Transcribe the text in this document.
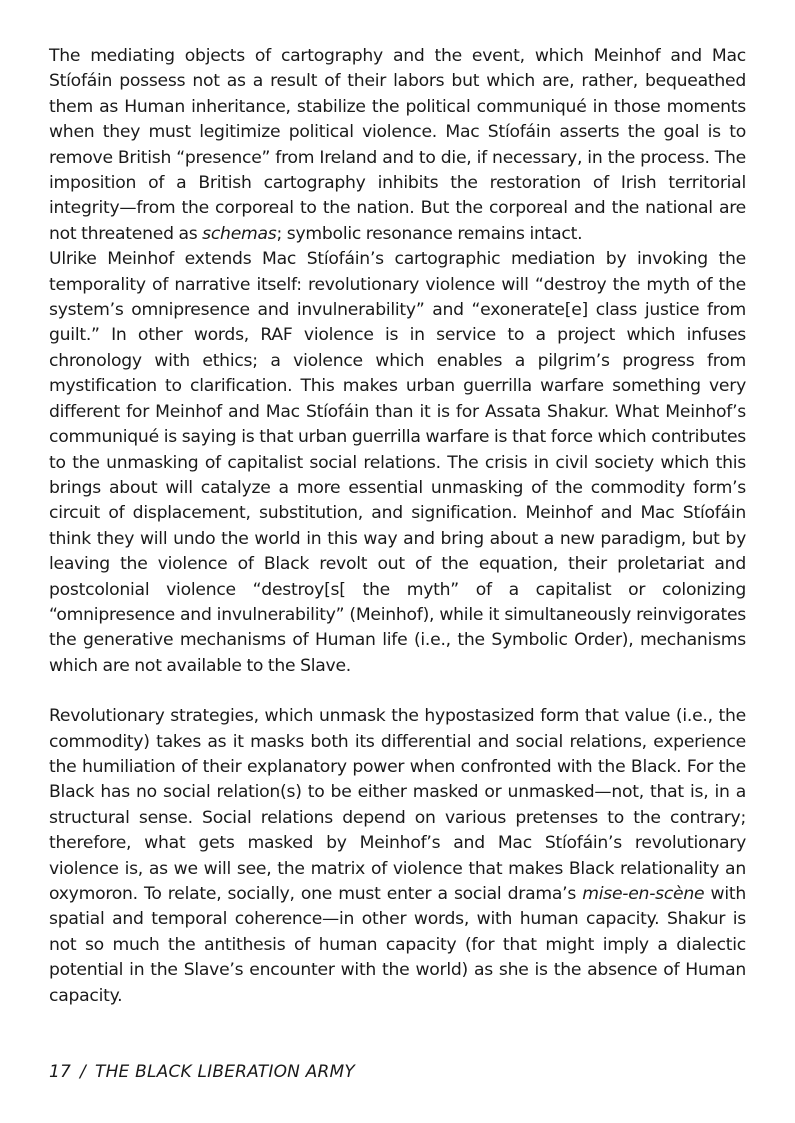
The mediating objects of cartography and the event, which Meinhof and Mac Stíofáin possess not as a result of their labors but which are, rather, bequeathed them as Human inheritance, stabilize the political communiqué in those moments when they must legitimize political violence. Mac Stíofáin asserts the goal is to remove British “presence” from Ireland and to die, if necessary, in the process. The imposition of a British cartography inhibits the restoration of Irish territorial integrity—from the corporeal to the nation. But the corporeal and the national are not threatened as schemas; symbolic resonance remains intact.

Ulrike Meinhof extends Mac Stíofáin’s cartographic mediation by invoking the temporality of narrative itself: revolutionary violence will “destroy the myth of the system’s omnipresence and invulnerability” and “exonerate[e] class justice from guilt.” In other words, RAF violence is in service to a project which infuses chronology with ethics; a violence which enables a pilgrim’s progress from mystification to clarification. This makes urban guerrilla warfare something very different for Meinhof and Mac Stíofáin than it is for Assata Shakur. What Meinhof’s communiqué is saying is that urban guerrilla warfare is that force which contributes to the unmasking of capitalist social relations. The crisis in civil society which this brings about will catalyze a more essential unmasking of the commodity form’s circuit of displacement, substitution, and signification. Meinhof and Mac Stíofáin think they will undo the world in this way and bring about a new paradigm, but by leaving the violence of Black revolt out of the equation, their proletariat and postcolonial violence “destroy[s[ the myth” of a capitalist or colonizing “omnipresence and invulnerability” (Meinhof), while it simultaneously reinvigorates the generative mechanisms of Human life (i.e., the Symbolic Order), mechanisms which are not available to the Slave.

Revolutionary strategies, which unmask the hypostasized form that value (i.e., the commodity) takes as it masks both its differential and social relations, experience the humiliation of their explanatory power when confronted with the Black. For the Black has no social relation(s) to be either masked or unmasked—not, that is, in a structural sense. Social relations depend on various pretenses to the contrary; therefore, what gets masked by Meinhof’s and Mac Stíofáin’s revolutionary violence is, as we will see, the matrix of violence that makes Black relationality an oxymoron. To relate, socially, one must enter a social drama’s mise-en-scène with spatial and temporal coherence—in other words, with human capacity. Shakur is not so much the antithesis of human capacity (for that might imply a dialectic potential in the Slave’s encounter with the world) as she is the absence of Human capacity.

17 / THE BLACK LIBERATION ARMY
